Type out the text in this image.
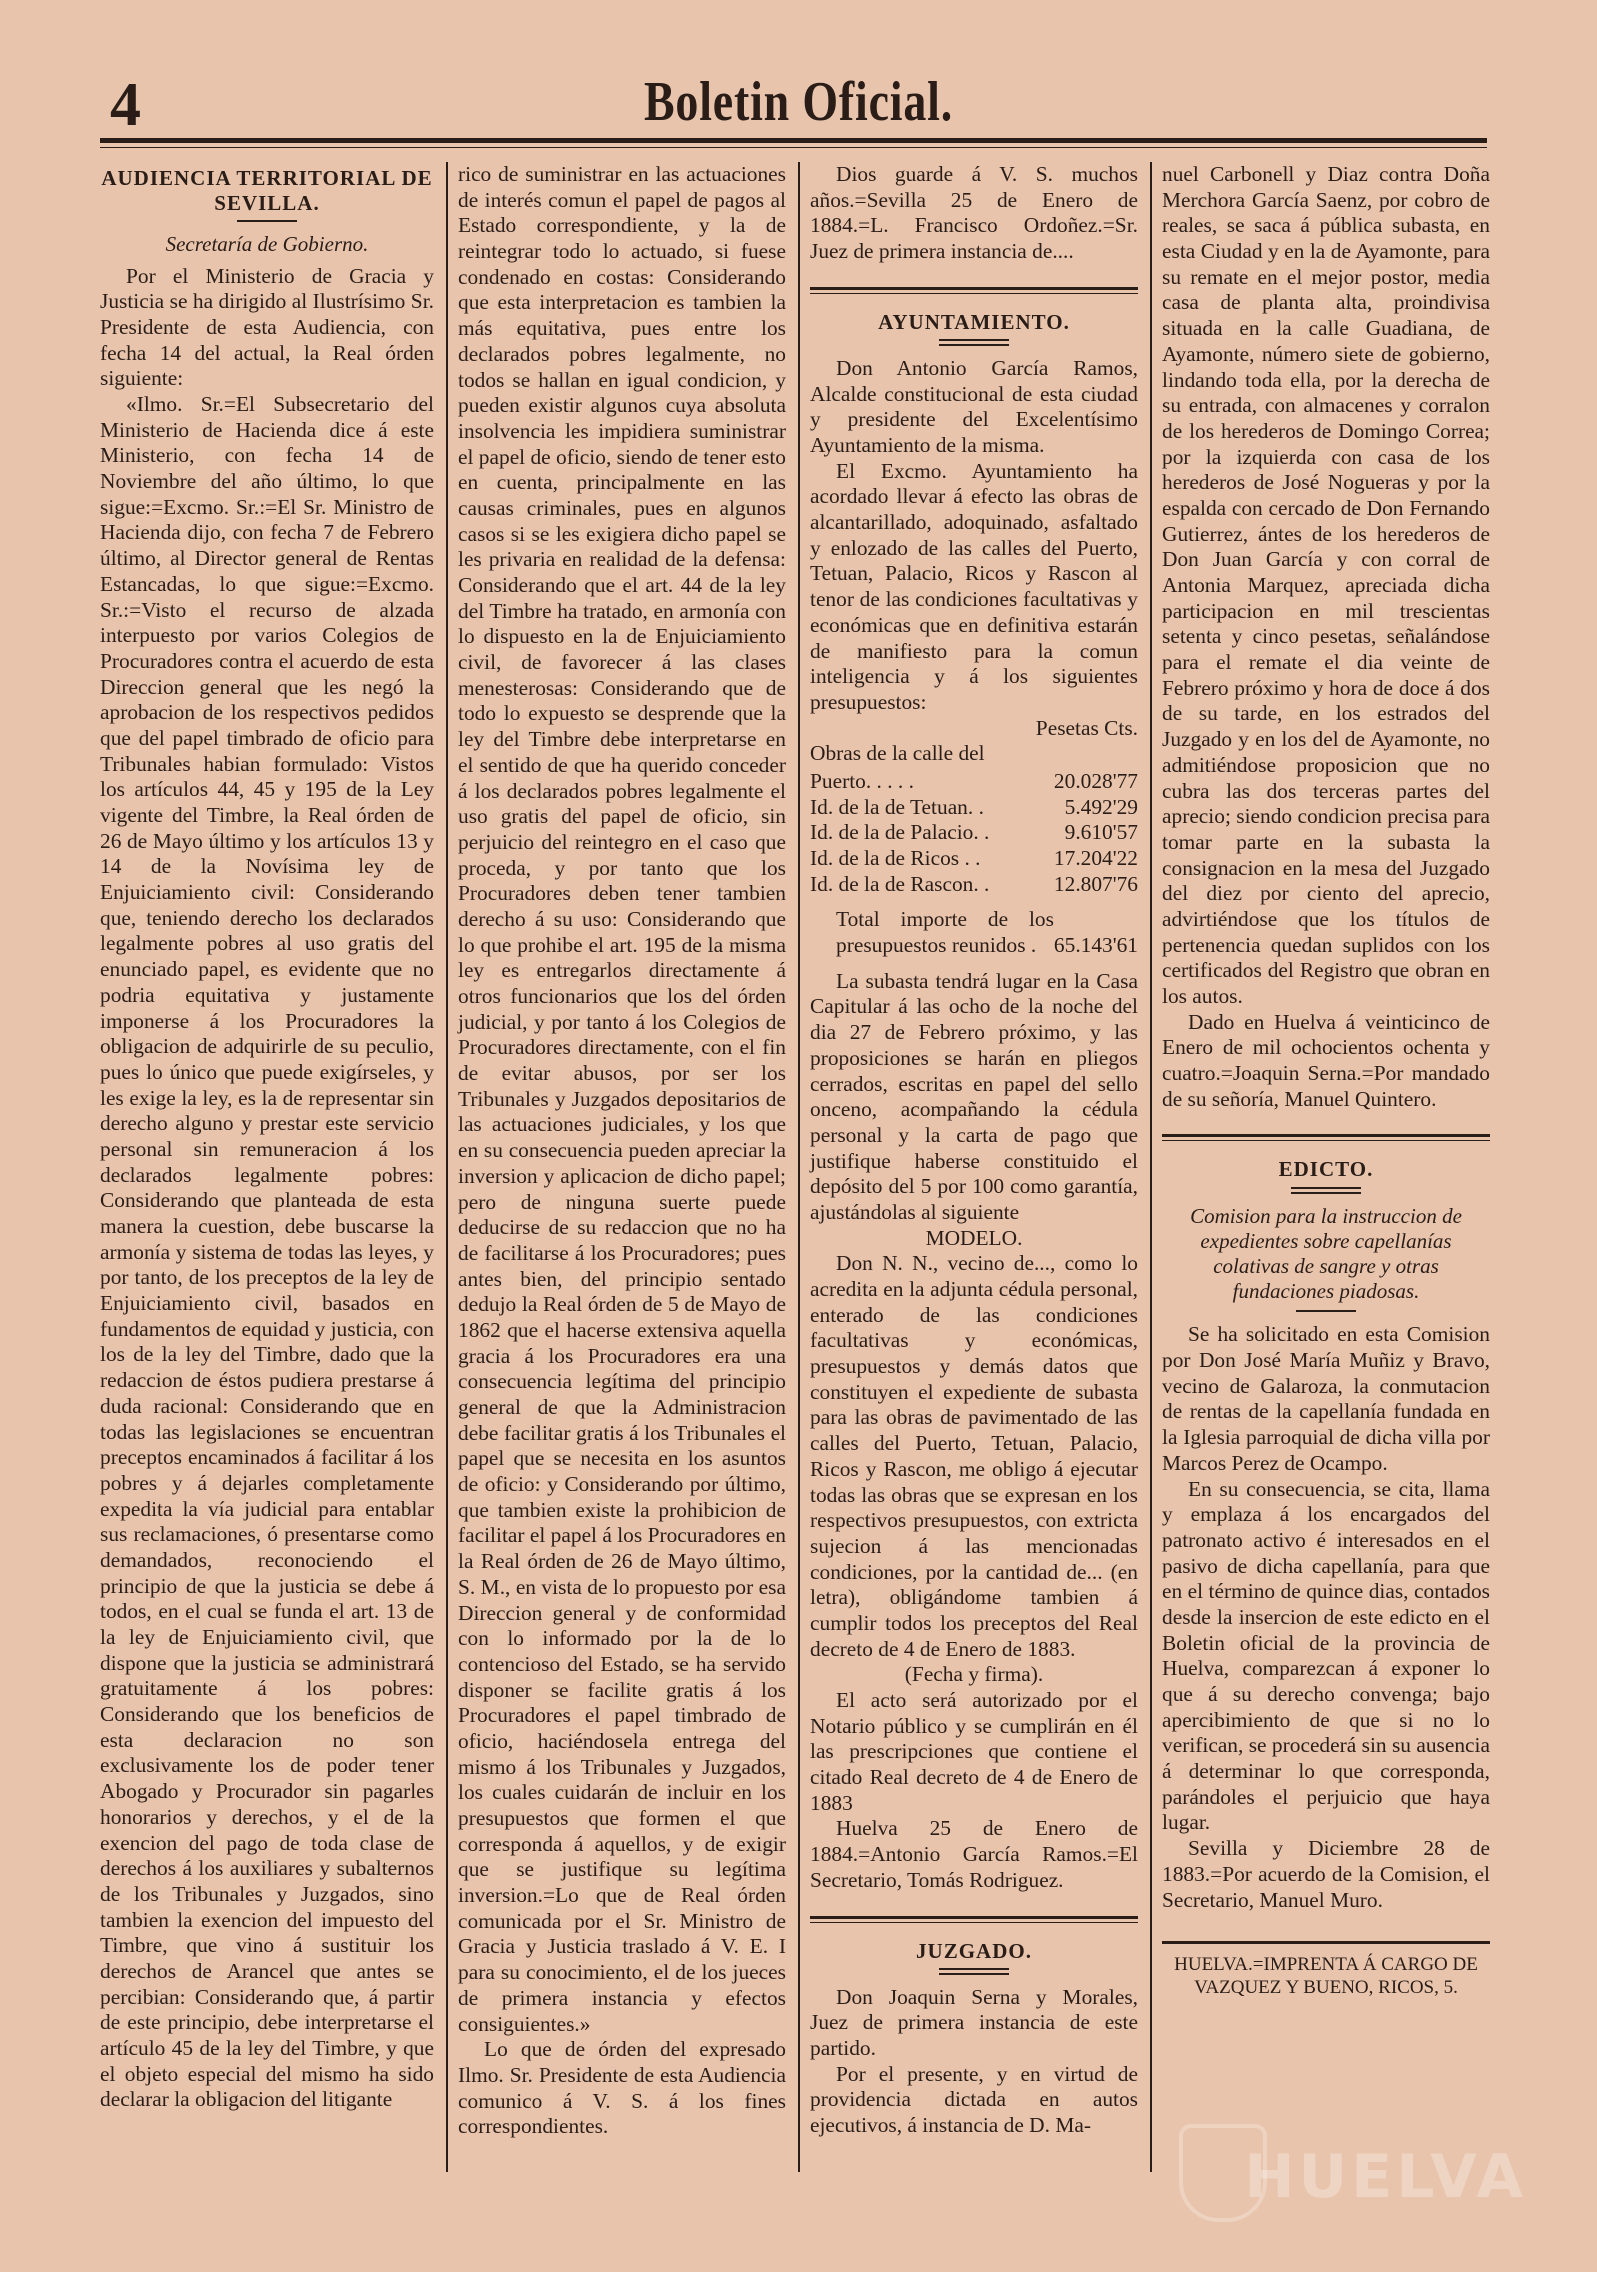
4	Boletin Oficial.
AUDIENCIA TERRITORIAL DE SEVILLA.
Secretaría de Gobierno.

Por el Ministerio de Gracia y Justicia se ha dirigido al Ilustrísimo Sr. Presidente de esta Audiencia, con fecha 14 del actual, la Real órden siguiente:

«Ilmo. Sr.=El Subsecretario del Ministerio de Hacienda dice á este Ministerio, con fecha 14 de Noviembre del año último, lo que sigue:=Excmo. Sr.:=El Sr. Ministro de Hacienda dijo, con fecha 7 de Febrero último, al Director general de Rentas Estancadas, lo que sigue:=Excmo. Sr.:=Visto el recurso de alzada interpuesto por varios Colegios de Procuradores contra el acuerdo de esta Direccion general que les negó la aprobacion de los respectivos pedidos que del papel timbrado de oficio para Tribunales habian formulado: Vistos los artículos 44, 45 y 195 de la Ley vigente del Timbre, la Real órden de 26 de Mayo último y los artículos 13 y 14 de la Novísima ley de Enjuiciamiento civil: Considerando que, teniendo derecho los declarados legalmente pobres al uso gratis del enunciado papel, es evidente que no podria equitativa y justamente imponerse á los Procuradores la obligacion de adquirirle de su peculio, pues lo único que puede exigírseles, y les exige la ley, es la de representar sin derecho alguno y prestar este servicio personal sin remuneracion á los declarados legalmente pobres: Considerando que planteada de esta manera la cuestion, debe buscarse la armonía y sistema de todas las leyes, y por tanto, de los preceptos de la ley de Enjuiciamiento civil, basados en fundamentos de equidad y justicia, con los de la ley del Timbre, dado que la redaccion de éstos pudiera prestarse á duda racional: Considerando que en todas las legislaciones se encuentran preceptos encaminados á facilitar á los pobres y á dejarles completamente expedita la vía judicial para entablar sus reclamaciones, ó presentarse como demandados, reconociendo el principio de que la justicia se debe á todos, en el cual se funda el art. 13 de la ley de Enjuiciamiento civil, que dispone que la justicia se administrará gratuitamente á los pobres: Considerando que los beneficios de esta declaracion no son exclusivamente los de poder tener Abogado y Procurador sin pagarles honorarios y derechos, y el de la exencion del pago de toda clase de derechos á los auxiliares y subalternos de los Tribunales y Juzgados, sino tambien la exencion del impuesto del Timbre, que vino á sustituir los derechos de Arancel que antes se percibian: Considerando que, á partir de este principio, debe interpretarse el artículo 45 de la ley del Timbre, y que el objeto especial del mismo ha sido declarar la obligacion del litigante

rico de suministrar en las actuaciones de interés comun el papel de pagos al Estado correspondiente, y la de reintegrar todo lo actuado, si fuese condenado en costas: Considerando que esta interpretacion es tambien la más equitativa, pues entre los declarados pobres legalmente, no todos se hallan en igual condicion, y pueden existir algunos cuya absoluta insolvencia les impidiera suministrar el papel de oficio, siendo de tener esto en cuenta, principalmente en las causas criminales, pues en algunos casos si se les exigiera dicho papel se les privaria en realidad de la defensa: Considerando que el art. 44 de la ley del Timbre ha tratado, en armonía con lo dispuesto en la de Enjuiciamiento civil, de favorecer á las clases menesterosas: Considerando que de todo lo expuesto se desprende que la ley del Timbre debe interpretarse en el sentido de que ha querido conceder á los declarados pobres legalmente el uso gratis del papel de oficio, sin perjuicio del reintegro en el caso que proceda, y por tanto que los Procuradores deben tener tambien derecho á su uso: Considerando que lo que prohibe el art. 195 de la misma ley es entregarlos directamente á otros funcionarios que los del órden judicial, y por tanto á los Colegios de Procuradores directamente, con el fin de evitar abusos, por ser los Tribunales y Juzgados depositarios de las actuaciones judiciales, y los que en su consecuencia pueden apreciar la inversion y aplicacion de dicho papel; pero de ninguna suerte puede deducirse de su redaccion que no ha de facilitarse á los Procuradores; pues antes bien, del principio sentado dedujo la Real órden de 5 de Mayo de 1862 que el hacerse extensiva aquella gracia á los Procuradores era una consecuencia legítima del principio general de que la Administracion debe facilitar gratis á los Tribunales el papel que se necesita en los asuntos de oficio: y Considerando por último, que tambien existe la prohibicion de facilitar el papel á los Procuradores en la Real órden de 26 de Mayo último, S. M., en vista de lo propuesto por esa Direccion general y de conformidad con lo informado por la de lo contencioso del Estado, se ha servido disponer se facilite gratis á los Procuradores el papel timbrado de oficio, haciéndosela entrega del mismo á los Tribunales y Juzgados, los cuales cuidarán de incluir en los presupuestos que formen el que corresponda á aquellos, y de exigir que se justifique su legítima inversion.=Lo que de Real órden comunicada por el Sr. Ministro de Gracia y Justicia traslado á V. E. I para su conocimiento, el de los jueces de primera instancia y efectos consiguientes.»

Lo que de órden del expresado Ilmo. Sr. Presidente de esta Audiencia comunico á V. S. á los fines correspondientes.

Dios guarde á V. S. muchos años.=Sevilla 25 de Enero de 1884.=L. Francisco Ordoñez.=Sr. Juez de primera instancia de....

AYUNTAMIENTO.

Don Antonio García Ramos, Alcalde constitucional de esta ciudad y presidente del Excelentísimo Ayuntamiento de la misma.

El Excmo. Ayuntamiento ha acordado llevar á efecto las obras de alcantarillado, adoquinado, asfaltado y enlozado de las calles del Puerto, Tetuan, Palacio, Ricos y Rascon al tenor de las condiciones facultativas y económicas que en definitiva estarán de manifiesto para la comun inteligencia y á los siguientes presupuestos:

Pesetas Cts.
Obras de la calle del
Puerto. . . . .	20.028'77
Id. de la de Tetuan. .	5.492'29
Id. de la de Palacio. .	9.610'57
Id. de la de Ricos . .	17.204'22
Id. de la de Rascon. .	12.807'76
Total importe de los presupuestos reunidos .	65.143'61

La subasta tendrá lugar en la Casa Capitular á las ocho de la noche del dia 27 de Febrero próximo, y las proposiciones se harán en pliegos cerrados, escritas en papel del sello onceno, acompañando la cédula personal y la carta de pago que justifique haberse constituido el depósito del 5 por 100 como garantía, ajustándolas al siguiente

MODELO.

Don N. N., vecino de..., como lo acredita en la adjunta cédula personal, enterado de las condiciones facultativas y económicas, presupuestos y demás datos que constituyen el expediente de subasta para las obras de pavimentado de las calles del Puerto, Tetuan, Palacio, Ricos y Rascon, me obligo á ejecutar todas las obras que se expresan en los respectivos presupuestos, con extricta sujecion á las mencionadas condiciones, por la cantidad de... (en letra), obligándome tambien á cumplir todos los preceptos del Real decreto de 4 de Enero de 1883.

(Fecha y firma).

El acto será autorizado por el Notario público y se cumplirán en él las prescripciones que contiene el citado Real decreto de 4 de Enero de 1883

Huelva 25 de Enero de 1884.=Antonio García Ramos.=El Secretario, Tomás Rodriguez.

JUZGADO.

Don Joaquin Serna y Morales, Juez de primera instancia de este partido.

Por el presente, y en virtud de providencia dictada en autos ejecutivos, á instancia de D. Ma-

nuel Carbonell y Diaz contra Doña Merchora García Saenz, por cobro de reales, se saca á pública subasta, en esta Ciudad y en la de Ayamonte, para su remate en el mejor postor, media casa de planta alta, proindivisa situada en la calle Guadiana, de Ayamonte, número siete de gobierno, lindando toda ella, por la derecha de su entrada, con almacenes y corralon de los herederos de Domingo Correa; por la izquierda con casa de los herederos de José Nogueras y por la espalda con cercado de Don Fernando Gutierrez, ántes de los herederos de Don Juan García y con corral de Antonia Marquez, apreciada dicha participacion en mil trescientas setenta y cinco pesetas, señalándose para el remate el dia veinte de Febrero próximo y hora de doce á dos de su tarde, en los estrados del Juzgado y en los del de Ayamonte, no admitiéndose proposicion que no cubra las dos terceras partes del aprecio; siendo condicion precisa para tomar parte en la subasta la consignacion en la mesa del Juzgado del diez por ciento del aprecio, advirtiéndose que los títulos de pertenencia quedan suplidos con los certificados del Registro que obran en los autos.

Dado en Huelva á veinticinco de Enero de mil ochocientos ochenta y cuatro.=Joaquin Serna.=Por mandado de su señoría, Manuel Quintero.

EDICTO.
Comision para la instruccion de expedientes sobre capellanías colativas de sangre y otras fundaciones piadosas.

Se ha solicitado en esta Comision por Don José María Muñiz y Bravo, vecino de Galaroza, la conmutacion de rentas de la capellanía fundada en la Iglesia parroquial de dicha villa por Marcos Perez de Ocampo.

En su consecuencia, se cita, llama y emplaza á los encargados del patronato activo é interesados en el pasivo de dicha capellanía, para que en el término de quince dias, contados desde la insercion de este edicto en el Boletin oficial de la provincia de Huelva, comparezcan á exponer lo que á su derecho convenga; bajo apercibimiento de que si no lo verifican, se procederá sin su ausencia á determinar lo que corresponda, parándoles el perjuicio que haya lugar.

Sevilla y Diciembre 28 de 1883.=Por acuerdo de la Comision, el Secretario, Manuel Muro.

HUELVA.=IMPRENTA Á CARGO DE VAZQUEZ Y BUENO, RICOS, 5.
HUELVA
